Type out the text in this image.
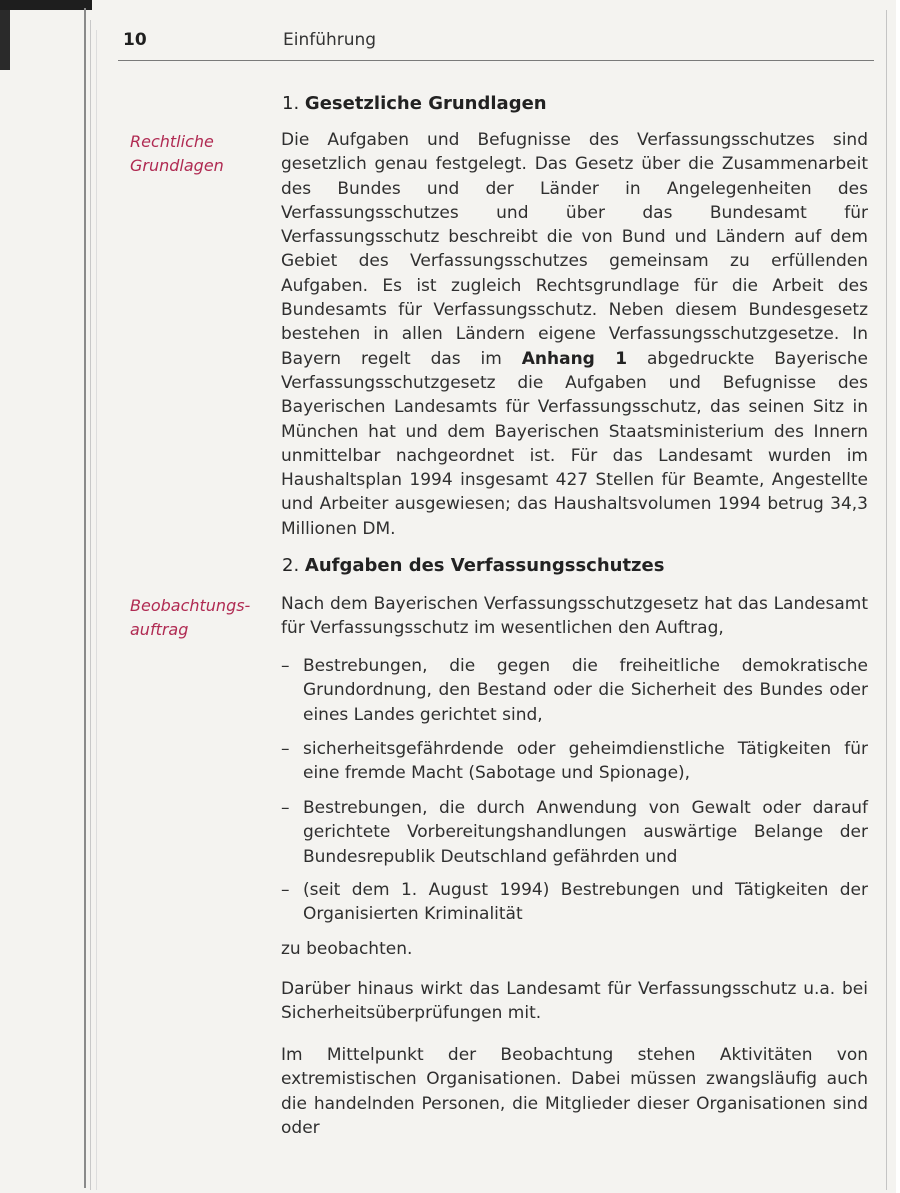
10	Einführung
Rechtliche
Grundlagen
1. Gesetzliche Grundlagen

Die Aufgaben und Befugnisse des Verfassungsschutzes sind gesetzlich genau festgelegt. Das Gesetz über die Zusammenarbeit des Bundes und der Länder in Angelegenheiten des Verfassungsschutzes und über das Bundesamt für Verfassungsschutz beschreibt die von Bund und Ländern auf dem Gebiet des Verfassungsschutzes gemeinsam zu erfüllenden Aufgaben. Es ist zugleich Rechtsgrundlage für die Arbeit des Bundesamts für Verfassungsschutz. Neben diesem Bundesgesetz bestehen in allen Ländern eigene Verfassungsschutzgesetze. In Bayern regelt das im Anhang 1 abgedruckte Bayerische Verfassungsschutzgesetz die Aufgaben und Befugnisse des Bayerischen Landesamts für Verfassungsschutz, das seinen Sitz in München hat und dem Bayerischen Staatsministerium des Innern unmittelbar nachgeordnet ist. Für das Landesamt wurden im Haushaltsplan 1994 insgesamt 427 Stellen für Beamte, Angestellte und Arbeiter ausgewiesen; das Haushaltsvolumen 1994 betrug 34,3 Millionen DM.

Beobachtungs-
auftrag
2. Aufgaben des Verfassungsschutzes

Nach dem Bayerischen Verfassungsschutzgesetz hat das Landesamt für Verfassungsschutz im wesentlichen den Auftrag,

– Bestrebungen, die gegen die freiheitliche demokratische Grundordnung, den Bestand oder die Sicherheit des Bundes oder eines Landes gerichtet sind,

– sicherheitsgefährdende oder geheimdienstliche Tätigkeiten für eine fremde Macht (Sabotage und Spionage),

– Bestrebungen, die durch Anwendung von Gewalt oder darauf gerichtete Vorbereitungshandlungen auswärtige Belange der Bundesrepublik Deutschland gefährden und

– (seit dem 1. August 1994) Bestrebungen und Tätigkeiten der Organisierten Kriminalität

zu beobachten.

Darüber hinaus wirkt das Landesamt für Verfassungsschutz u.a. bei Sicherheitsüberprüfungen mit.

Im Mittelpunkt der Beobachtung stehen Aktivitäten von extremistischen Organisationen. Dabei müssen zwangsläufig auch die handelnden Personen, die Mitglieder dieser Organisationen sind oder
